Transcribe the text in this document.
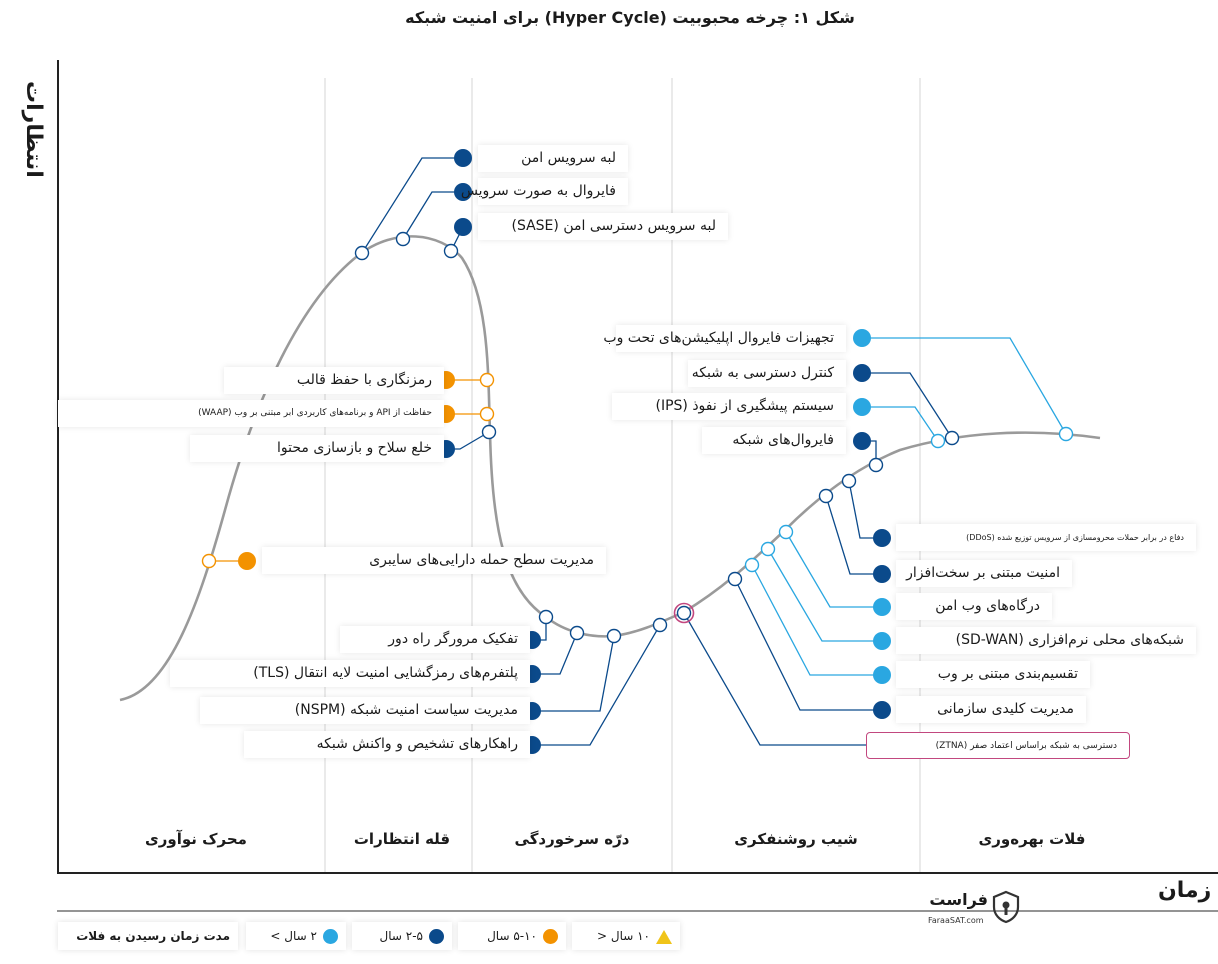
شکل ۱: چرخه محبوبیت (Hyper Cycle) برای امنیت شبکه
انتظارات
زمان
محرک نوآوری	قله انتظارات	درّه سرخوردگی	شیب روشنفکری	فلات بهره‌وری
لبه سرویس امن
فایروال به صورت سرویس
لبه سرویس دسترسی امن (SASE)
رمزنگاری با حفظ قالب
حفاظت از API و برنامه‌های کاربردی ابر مبتنی بر وب (WAAP)
خلع سلاح و بازسازی محتوا
مدیریت سطح حمله دارایی‌های سایبری
تفکیک مرورگر راه دور
پلتفرم‌های رمزگشایی امنیت لایه انتقال (TLS)
مدیریت سیاست امنیت شبکه (NSPM)
راهکارهای تشخیص و واکنش شبکه
تجهیزات فایروال اپلیکیشن‌های تحت وب
کنترل دسترسی به شبکه
سیستم پیشگیری از نفوذ (IPS)
فایروال‌های شبکه
دفاع در برابر حملات محرومسازی از سرویس توزیع شده (DDoS)
امنیت مبتنی بر سخت‌افزار
درگاه‌های وب امن
شبکه‌های محلی نرم‌افزاری (SD-WAN)
تقسیم‌بندی مبتنی بر وب
مدیریت کلیدی سازمانی
دسترسی به شبکه براساس اعتماد صفر (ZTNA)
مدت زمان رسیدن به فلات	۲ سال >	۲-۵ سال	۵-۱۰ سال	۱۰ سال <
فراست
FaraaSAT.com
